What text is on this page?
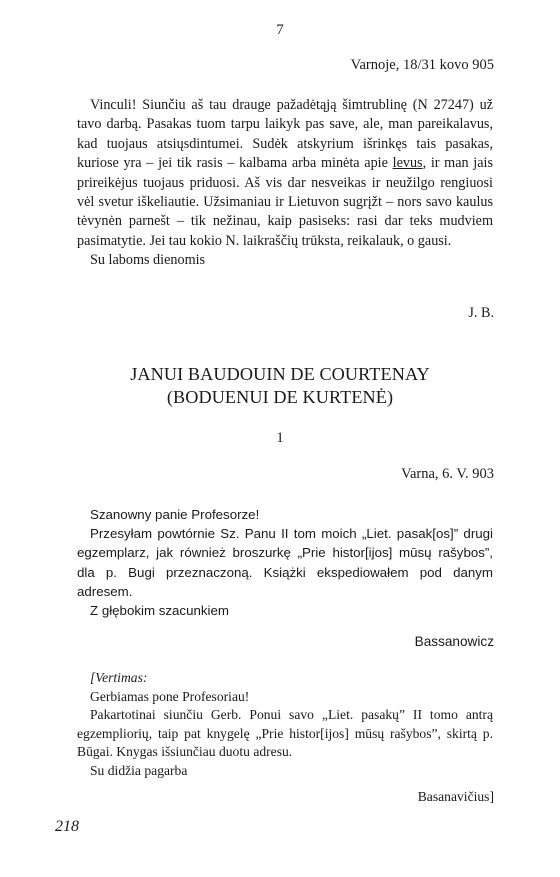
7
Varnoje, 18/31 kovo 905

Vinculi! Siunčiu aš tau drauge pažadėtąją šimtrublinę (N 27247) už tavo darbą. Pasakas tuom tarpu laikyk pas save, ale, man pareikalavus, kad tuojaus atsiųsdintumei. Sudėk atskyrium išrinkęs tais pasakas, kuriose yra – jei tik rasis – kalbama arba minėta apie levus, ir man jais prireikėjus tuojaus priduosi. Aš vis dar nesveikas ir neužilgo rengiuosi vėl svetur iškeliautie. Užsimaniau ir Lietuvon sugrįžt – nors savo kaulus tėvynėn parnešt – tik nežinau, kaip pasiseks: rasi dar teks mudviem pasimatytie. Jei tau kokio N. laikraščių trūksta, reikalauk, o gausi.

Su laboms dienomis

J. B.
JANUI BAUDOUIN DE COURTENAY
(BODUENUI DE KURTENĖ)
1
Varna, 6. V. 903

Szanowny panie Profesorze!

Przesyłam powtórnie Sz. Panu II tom moich „Liet. pasak[os]” drugi egzemplarz, jak również broszurkę „Prie histor[ijos] mūsų rašybos”, dla p. Bugi przeznaczoną. Książki ekspediowałem pod danym adresem.

Z głębokim szacunkiem

Bassanowicz

[Vertimas:

Gerbiamas pone Profesoriau!

Pakartotinai siunčiu Gerb. Ponui savo „Liet. pasakų” II tomo antrą egzempliorių, taip pat knygelę „Prie histor[ijos] mūsų rašybos”, skirtą p. Būgai. Knygas išsiunčiau duotu adresu.

Su didžia pagarba

Basanavičius]
218
